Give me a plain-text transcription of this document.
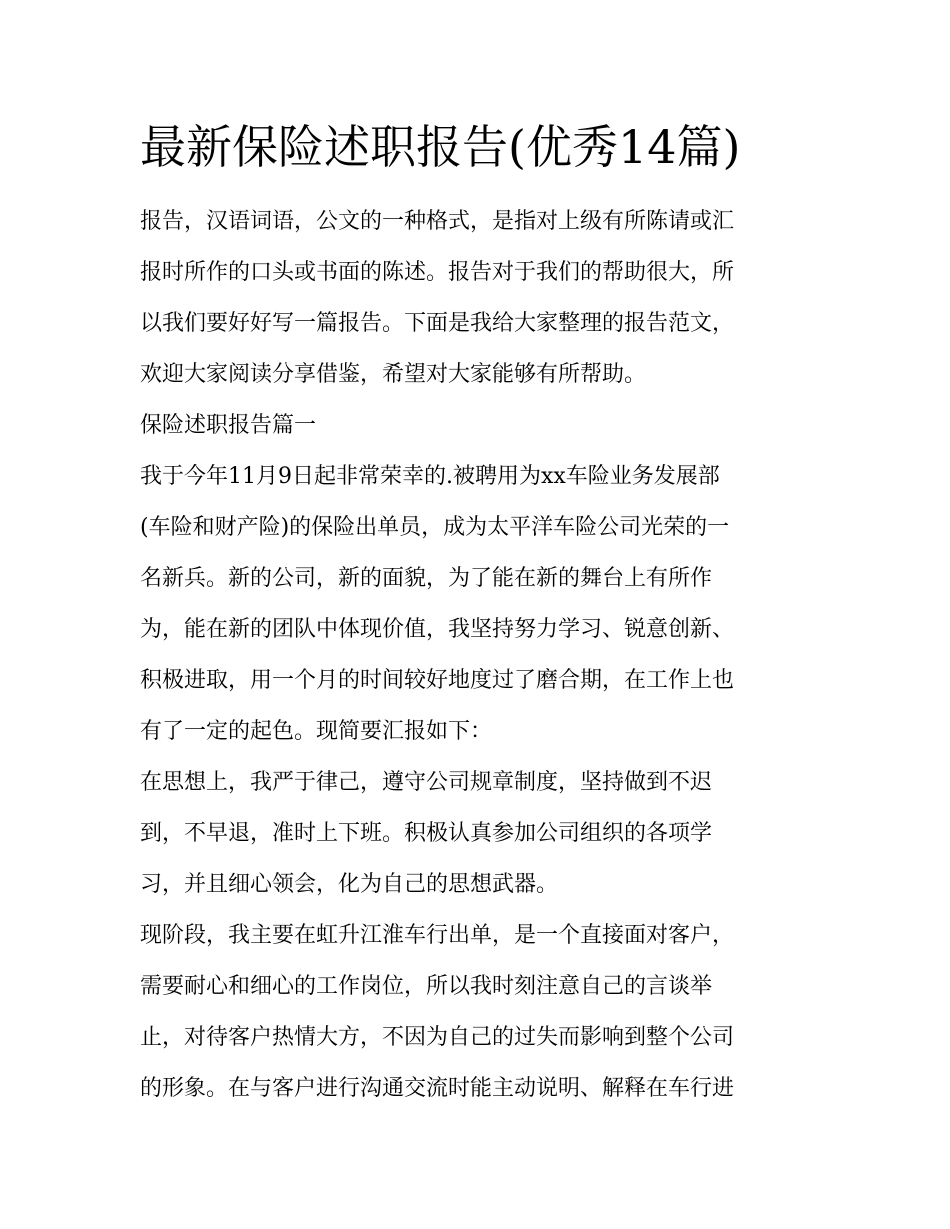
最新保险述职报告(优秀14篇)
报告，汉语词语，公文的一种格式，是指对上级有所陈请或汇
报时所作的口头或书面的陈述。报告对于我们的帮助很大，所
以我们要好好写一篇报告。下面是我给大家整理的报告范文，
欢迎大家阅读分享借鉴，希望对大家能够有所帮助。
保险述职报告篇一
我于今年11月9日起非常荣幸的.被聘用为xx车险业务发展部
(车险和财产险)的保险出单员，成为太平洋车险公司光荣的一
名新兵。新的公司，新的面貌，为了能在新的舞台上有所作
为，能在新的团队中体现价值，我坚持努力学习、锐意创新、
积极进取，用一个月的时间较好地度过了磨合期，在工作上也
有了一定的起色。现简要汇报如下：
在思想上，我严于律己，遵守公司规章制度，坚持做到不迟
到，不早退，准时上下班。积极认真参加公司组织的各项学
习，并且细心领会，化为自己的思想武器。
现阶段，我主要在虹升江淮车行出单，是一个直接面对客户，
需要耐心和细心的工作岗位，所以我时刻注意自己的言谈举
止，对待客户热情大方，不因为自己的过失而影响到整个公司
的形象。在与客户进行沟通交流时能主动说明、解释在车行进
